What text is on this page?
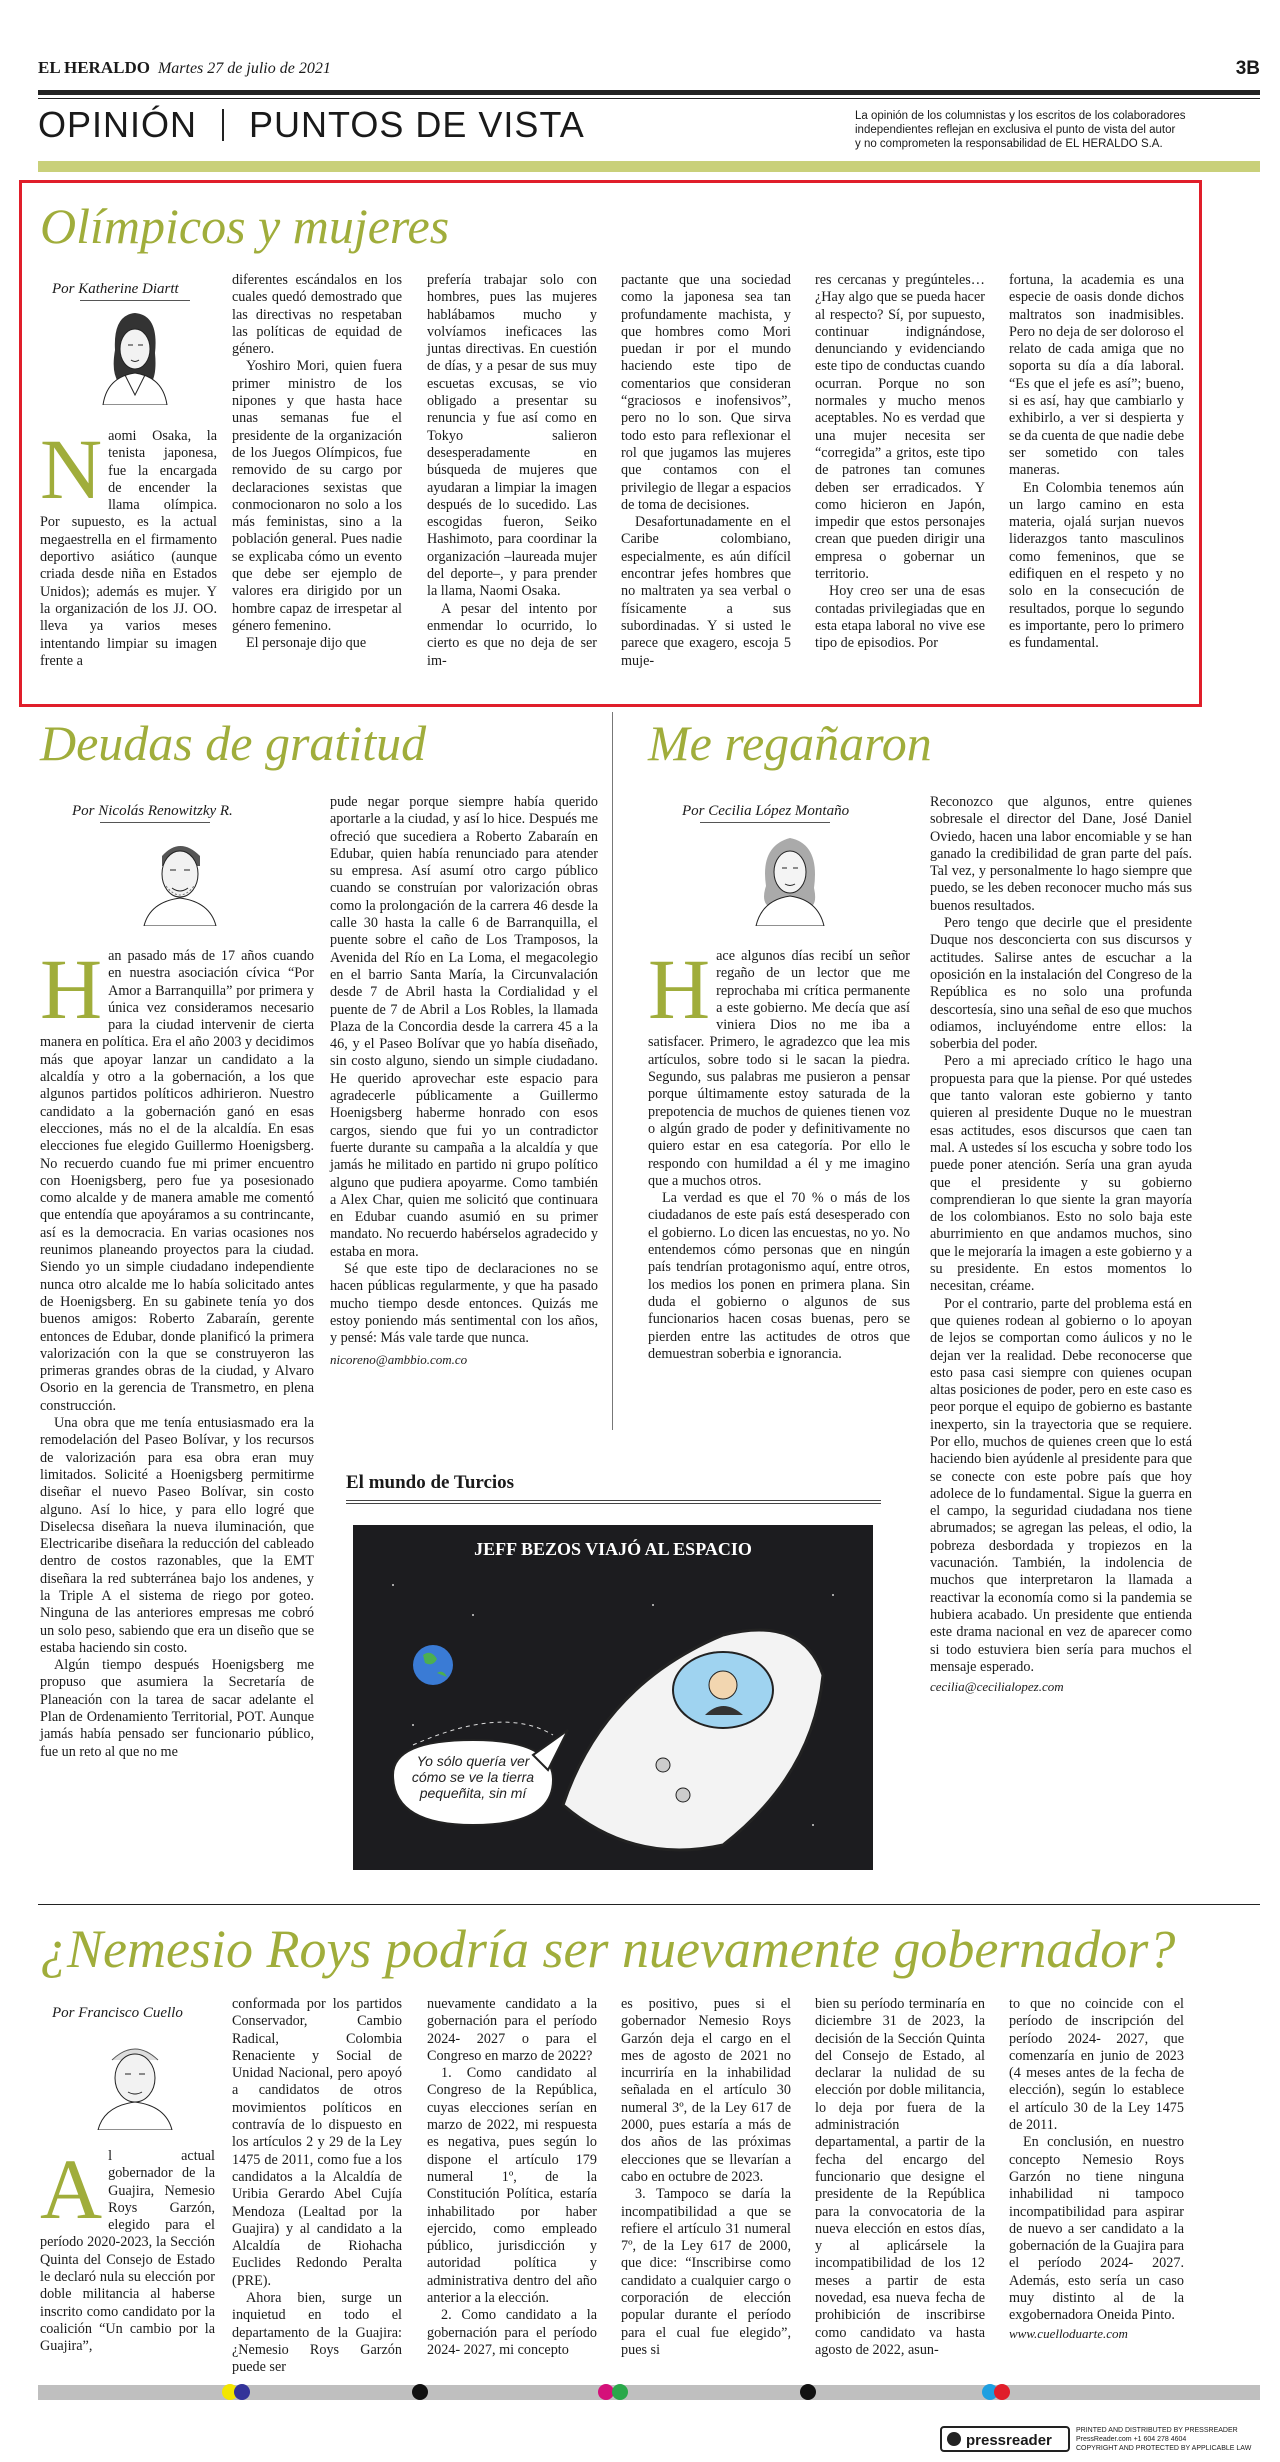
EL HERALDO Martes 27 de julio de 2021	3B
OPINIÓN PUNTOS DE VISTA	La opinión de los columnistas y los escritos de los colaboradores
independientes reflejan en exclusiva el punto de vista del autor
y no comprometen la responsabilidad de EL HERALDO S.A.
Olímpicos y mujeres
Por Katherine Diartt
Naomi Osaka, la tenista japonesa, fue la encargada de encender la llama olímpica. Por supuesto, es la actual megaestrella en el firmamento deportivo asiático (aunque criada desde niña en Estados Unidos); además es mujer. Y la organización de los JJ. OO. lleva ya varios meses intentando limpiar su imagen frente a

diferentes escándalos en los cuales quedó demostrado que las directivas no respetaban las políticas de equidad de género.

Yoshiro Mori, quien fuera primer ministro de los nipones y que hasta hace unas semanas fue el presidente de la organización de los Juegos Olímpicos, fue removido de su cargo por declaraciones sexistas que conmocionaron no solo a los más feministas, sino a la población general. Pues nadie se explicaba cómo un evento que debe ser ejemplo de valores era dirigido por un hombre capaz de irrespetar al género femenino.

El personaje dijo que

prefería trabajar solo con hombres, pues las mujeres hablábamos mucho y volvíamos ineficaces las juntas directivas. En cuestión de días, y a pesar de sus muy escuetas excusas, se vio obligado a presentar su renuncia y fue así como en Tokyo salieron desesperadamente en búsqueda de mujeres que ayudaran a limpiar la imagen después de lo sucedido. Las escogidas fueron, Seiko Hashimoto, para coordinar la organización –laureada mujer del deporte–, y para prender la llama, Naomi Osaka.

A pesar del intento por enmendar lo ocurrido, lo cierto es que no deja de ser im-

pactante que una sociedad como la japonesa sea tan profundamente machista, y que hombres como Mori puedan ir por el mundo haciendo este tipo de comentarios que consideran “graciosos e inofensivos”, pero no lo son. Que sirva todo esto para reflexionar el rol que jugamos las mujeres que contamos con el privilegio de llegar a espacios de toma de decisiones.

Desafortunadamente en el Caribe colombiano, especialmente, es aún difícil encontrar jefes hombres que no maltraten ya sea verbal o físicamente a sus subordinadas. Y si usted le parece que exagero, escoja 5 muje-

res cercanas y pregúnteles… ¿Hay algo que se pueda hacer al respecto? Sí, por supuesto, continuar indignándose, denunciando y evidenciando este tipo de conductas cuando ocurran. Porque no son normales y mucho menos aceptables. No es verdad que una mujer necesita ser “corregida” a gritos, este tipo de patrones tan comunes deben ser erradicados. Y como hicieron en Japón, impedir que estos personajes crean que pueden dirigir una empresa o gobernar un territorio.

Hoy creo ser una de esas contadas privilegiadas que en esta etapa laboral no vive ese tipo de episodios. Por

fortuna, la academia es una especie de oasis donde dichos maltratos son inadmisibles. Pero no deja de ser doloroso el relato de cada amiga que no soporta su día a día laboral. “Es que el jefe es así”; bueno, si es así, hay que cambiarlo y exhibirlo, a ver si despierta y se da cuenta de que nadie debe ser sometido con tales maneras.

En Colombia tenemos aún un largo camino en esta materia, ojalá surjan nuevos liderazgos tanto masculinos como femeninos, que se edifiquen en el respeto y no solo en la consecución de resultados, porque lo segundo es importante, pero lo primero es fundamental.

Deudas de gratitud
Por Nicolás Renowitzky R.
Han pasado más de 17 años cuando en nuestra asociación cívica “Por Amor a Barranquilla” por primera y única vez consideramos necesario para la ciudad intervenir de cierta manera en política. Era el año 2003 y decidimos más que apoyar lanzar un candidato a la alcaldía y otro a la gobernación, a los que algunos partidos políticos adhirieron. Nuestro candidato a la gobernación ganó en esas elecciones, más no el de la alcaldía. En esas elecciones fue elegido Guillermo Hoenigsberg. No recuerdo cuando fue mi primer encuentro con Hoenigsberg, pero fue ya posesionado como alcalde y de manera amable me comentó que entendía que apoyáramos a su contrincante, así es la democracia. En varias ocasiones nos reunimos planeando proyectos para la ciudad. Siendo yo un simple ciudadano independiente nunca otro alcalde me lo había solicitado antes de Hoenigsberg. En su gabinete tenía yo dos buenos amigos: Roberto Zabaraín, gerente entonces de Edubar, donde planificó la primera valorización con la que se construyeron las primeras grandes obras de la ciudad, y Alvaro Osorio en la gerencia de Transmetro, en plena construcción.

Una obra que me tenía entusiasmado era la remodelación del Paseo Bolívar, y los recursos de valorización para esa obra eran muy limitados. Solicité a Hoenigsberg permitirme diseñar el nuevo Paseo Bolívar, sin costo alguno. Así lo hice, y para ello logré que Diselecsa diseñara la nueva iluminación, que Electricaribe diseñara la reducción del cableado dentro de costos razonables, que la EMT diseñara la red subterránea bajo los andenes, y la Triple A el sistema de riego por goteo. Ninguna de las anteriores empresas me cobró un solo peso, sabiendo que era un diseño que se estaba haciendo sin costo.

Algún tiempo después Hoenigsberg me propuso que asumiera la Secretaría de Planeación con la tarea de sacar adelante el Plan de Ordenamiento Territorial, POT. Aunque jamás había pensado ser funcionario público, fue un reto al que no me

pude negar porque siempre había querido aportarle a la ciudad, y así lo hice. Después me ofreció que sucediera a Roberto Zabaraín en Edubar, quien había renunciado para atender su empresa. Así asumí otro cargo público cuando se construían por valorización obras como la prolongación de la carrera 46 desde la calle 30 hasta la calle 6 de Barranquilla, el puente sobre el caño de Los Tramposos, la Avenida del Río en La Loma, el megacolegio en el barrio Santa María, la Circunvalación desde 7 de Abril hasta la Cordialidad y el puente de 7 de Abril a Los Robles, la llamada Plaza de la Concordia desde la carrera 45 a la 46, y el Paseo Bolívar que yo había diseñado, sin costo alguno, siendo un simple ciudadano. He querido aprovechar este espacio para agradecerle públicamente a Guillermo Hoenigsberg haberme honrado con esos cargos, siendo que fui yo un contradictor fuerte durante su campaña a la alcaldía y que jamás he militado en partido ni grupo político alguno que pudiera apoyarme. Como también a Alex Char, quien me solicitó que continuara en Edubar cuando asumió en su primer mandato. No recuerdo habérselos agradecido y estaba en mora.

Sé que este tipo de declaraciones no se hacen públicas regularmente, y que ha pasado mucho tiempo desde entonces. Quizás me estoy poniendo más sentimental con los años, y pensé: Más vale tarde que nunca.

nicoreno@ambbio.com.co

Me regañaron
Por Cecilia López Montaño
Hace algunos días recibí un señor regaño de un lector que me reprochaba mi crítica permanente a este gobierno. Me decía que así viniera Dios no me iba a satisfacer. Primero, le agradezco que lea mis artículos, sobre todo si le sacan la piedra. Segundo, sus palabras me pusieron a pensar porque últimamente estoy saturada de la prepotencia de muchos de quienes tienen voz o algún grado de poder y definitivamente no quiero estar en esa categoría. Por ello le respondo con humildad a él y me imagino que a muchos otros.

La verdad es que el 70 % o más de los ciudadanos de este país está desesperado con el gobierno. Lo dicen las encuestas, no yo. No entendemos cómo personas que en ningún país tendrían protagonismo aquí, entre otros, los medios los ponen en primera plana. Sin duda el gobierno o algunos de sus funcionarios hacen cosas buenas, pero se pierden entre las actitudes de otros que demuestran soberbia e ignorancia.

Reconozco que algunos, entre quienes sobresale el director del Dane, José Daniel Oviedo, hacen una labor encomiable y se han ganado la credibilidad de gran parte del país. Tal vez, y personalmente lo hago siempre que puedo, se les deben reconocer mucho más sus buenos resultados.

Pero tengo que decirle que el presidente Duque nos desconcierta con sus discursos y actitudes. Salirse antes de escuchar a la oposición en la instalación del Congreso de la República es no solo una profunda descortesía, sino una señal de eso que muchos odiamos, incluyéndome entre ellos: la soberbia del poder.

Pero a mi apreciado crítico le hago una propuesta para que la piense. Por qué ustedes que tanto valoran este gobierno y tanto quieren al presidente Duque no le muestran esas actitudes, esos discursos que caen tan mal. A ustedes sí los escucha y sobre todo los puede poner atención. Sería una gran ayuda que el presidente y su gobierno comprendieran lo que siente la gran mayoría de los colombianos. Esto no solo baja este aburrimiento en que andamos muchos, sino que le mejoraría la imagen a este gobierno y a su presidente. En estos momentos lo necesitan, créame.

Por el contrario, parte del problema está en que quienes rodean al gobierno o lo apoyan de lejos se comportan como áulicos y no le dejan ver la realidad. Debe reconocerse que esto pasa casi siempre con quienes ocupan altas posiciones de poder, pero en este caso es peor porque el equipo de gobierno es bastante inexperto, sin la trayectoria que se requiere. Por ello, muchos de quienes creen que lo está haciendo bien ayúdenle al presidente para que se conecte con este pobre país que hoy adolece de lo fundamental. Sigue la guerra en el campo, la seguridad ciudadana nos tiene abrumados; se agregan las peleas, el odio, la pobreza desbordada y tropiezos en la vacunación. También, la indolencia de muchos que interpretaron la llamada a reactivar la economía como si la pandemia se hubiera acabado. Un presidente que entienda este drama nacional en vez de aparecer como si todo estuviera bien sería para muchos el mensaje esperado.

cecilia@cecilialopez.com

El mundo de Turcios
JEFF BEZOS VIAJÓ AL ESPACIO
Yo sólo quería ver cómo se ve la tierra pequeñita, sin mí
¿Nemesio Roys podría ser nuevamente gobernador?
Por Francisco Cuello
Al actual gobernador de la Guajira, Nemesio Roys Garzón, elegido para el período 2020-2023, la Sección Quinta del Consejo de Estado le declaró nula su elección por doble militancia al haberse inscrito como candidato por la coalición “Un cambio por la Guajira”,

conformada por los partidos Conservador, Cambio Radical, Colombia Renaciente y Social de Unidad Nacional, pero apoyó a candidatos de otros movimientos políticos en contravía de lo dispuesto en los artículos 2 y 29 de la Ley 1475 de 2011, como fue a los candidatos a la Alcaldía de Uribia Gerardo Abel Cujía Mendoza (Lealtad por la Guajira) y al candidato a la Alcaldía de Riohacha Euclides Redondo Peralta (PRE).

Ahora bien, surge un inquietud en todo el departamento de la Guajira: ¿Nemesio Roys Garzón puede ser

nuevamente candidato a la gobernación para el período 2024- 2027 o para el Congreso en marzo de 2022?

1. Como candidato al Congreso de la República, cuyas elecciones serían en marzo de 2022, mi respuesta es negativa, pues según lo dispone el artículo 179 numeral 1º, de la Constitución Política, estaría inhabilitado por haber ejercido, como empleado público, jurisdicción y autoridad política y administrativa dentro del año anterior a la elección.

2. Como candidato a la gobernación para el período 2024- 2027, mi concepto

es positivo, pues si el gobernador Nemesio Roys Garzón deja el cargo en el mes de agosto de 2021 no incurriría en la inhabilidad señalada en el artículo 30 numeral 3º, de la Ley 617 de 2000, pues estaría a más de dos años de las próximas elecciones que se llevarían a cabo en octubre de 2023.

3. Tampoco se daría la incompatibilidad a que se refiere el artículo 31 numeral 7º, de la Ley 617 de 2000, que dice: “Inscribirse como candidato a cualquier cargo o corporación de elección popular durante el período para el cual fue elegido”, pues si

bien su período terminaría en diciembre 31 de 2023, la decisión de la Sección Quinta del Consejo de Estado, al declarar la nulidad de su elección por doble militancia, lo deja por fuera de la administración departamental, a partir de la fecha del encargo del funcionario que designe el presidente de la República para la convocatoria de la nueva elección en estos días, y al aplicársele la incompatibilidad de los 12 meses a partir de esta novedad, esa nueva fecha de prohibición de inscribirse como candidato va hasta agosto de 2022, asun-

to que no coincide con el período de inscripción del período 2024- 2027, que comenzaría en junio de 2023 (4 meses antes de la fecha de elección), según lo establece el artículo 30 de la Ley 1475 de 2011.

En conclusión, en nuestro concepto Nemesio Roys Garzón no tiene ninguna inhabilidad ni tampoco incompatibilidad para aspirar de nuevo a ser candidato a la gobernación de la Guajira para el período 2024- 2027. Además, esto sería un caso muy distinto al de la exgobernadora Oneida Pinto.

www.cuelloduarte.com

pressreader
PRINTED AND DISTRIBUTED BY PRESSREADER
PressReader.com +1 604 278 4604
COPYRIGHT AND PROTECTED BY APPLICABLE LAW
